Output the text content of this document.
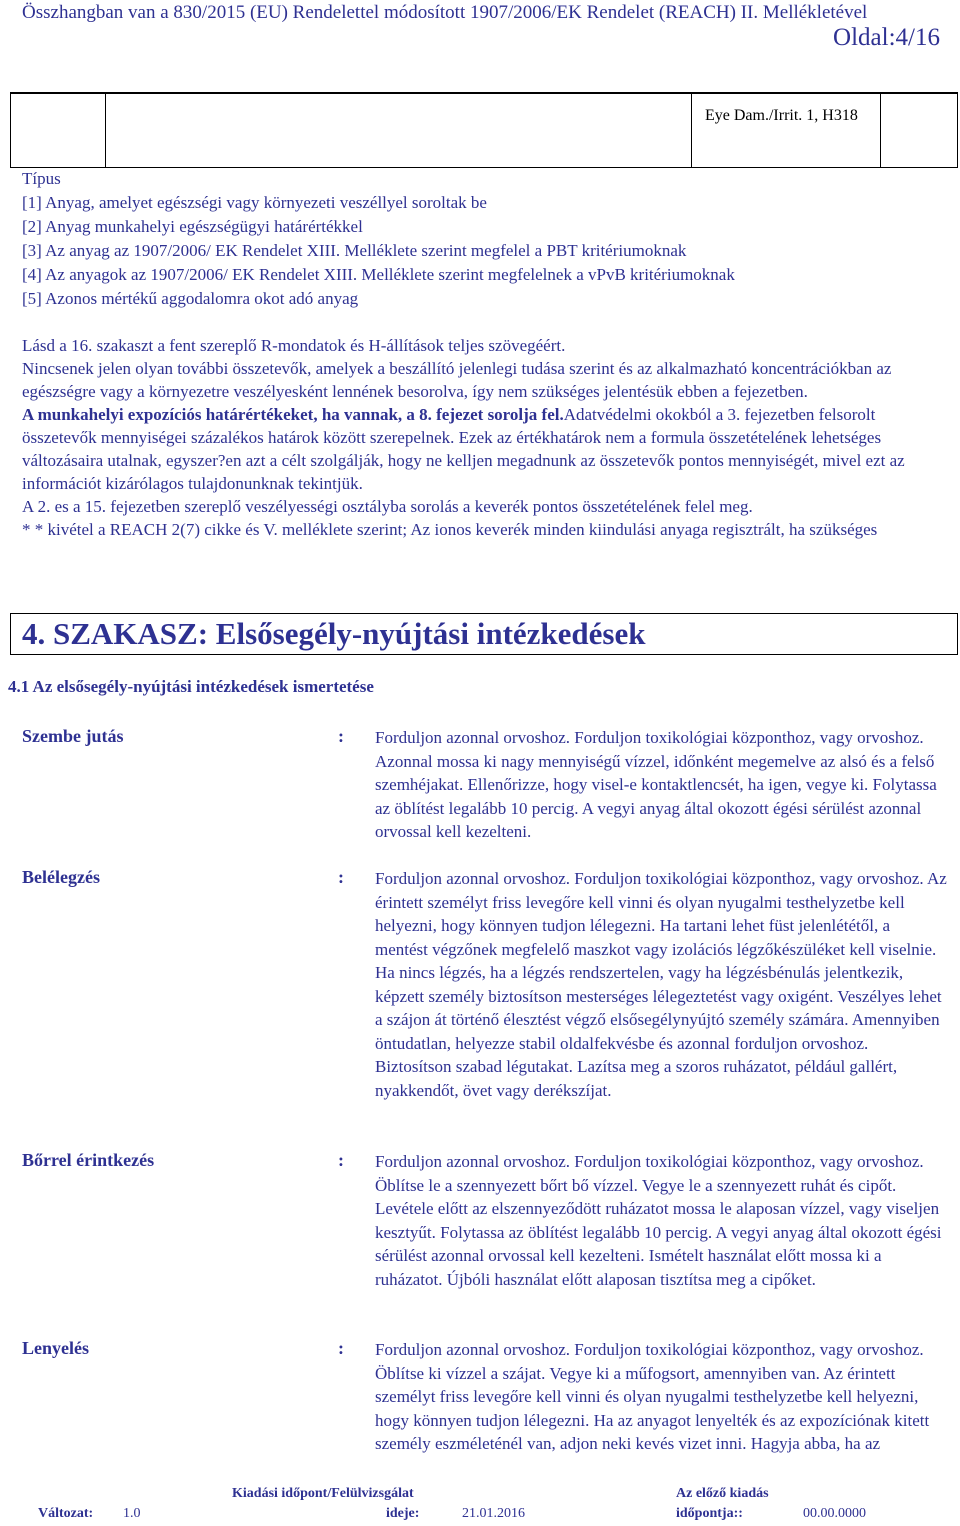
Összhangban van a 830/2015 (EU) Rendelettel módosított 1907/2006/EK Rendelet (REACH) II. Mellékletével
Oldal:4/16
Eye Dam./Irrit. 1, H318
Típus
[1] Anyag, amelyet egészségi vagy környezeti veszéllyel soroltak be
[2] Anyag munkahelyi egészségügyi határértékkel
[3] Az anyag az 1907/2006/ EK Rendelet XIII. Melléklete szerint megfelel a PBT kritériumoknak
[4] Az anyagok az 1907/2006/ EK Rendelet XIII. Melléklete szerint megfelelnek a vPvB kritériumoknak
[5] Azonos mértékű aggodalomra okot adó anyag

Lásd a 16. szakaszt a fent szereplő R-mondatok és H-állítások teljes szövegéért.

Nincsenek jelen olyan további összetevők, amelyek a beszállító jelenlegi tudása szerint és az alkalmazható koncentrációkban az egészségre vagy a környezetre veszélyesként lennének besorolva, így nem szükséges jelentésük ebben a fejezetben.

A munkahelyi expozíciós határértékeket, ha vannak, a 8. fejezet sorolja fel.Adatvédelmi okokból a 3. fejezetben felsorolt összetevők mennyiségei százalékos határok között szerepelnek. Ezek az értékhatárok nem a formula összetételének lehetséges változásaira utalnak, egyszer?en azt a célt szolgálják, hogy ne kelljen megadnunk az összetevők pontos mennyiségét, mivel ezt az információt kizárólagos tulajdonunknak tekintjük.

A 2. es a 15. fejezetben szereplő veszélyességi osztályba sorolás a keverék pontos összetételének felel meg.

* * kivétel a REACH 2(7) cikke és V. melléklete szerint; Az ionos keverék minden kiindulási anyaga regisztrált, ha szükséges

4. SZAKASZ: Elsősegély-nyújtási intézkedések
4.1 Az elsősegély-nyújtási intézkedések ismertetése
Szembe jutás	: Forduljon azonnal orvoshoz. Forduljon toxikológiai központhoz, vagy orvoshoz. Azonnal mossa ki nagy mennyiségű vízzel, időnként megemelve az alsó és a felső szemhéjakat. Ellenőrizze, hogy visel-e kontaktlencsét, ha igen, vegye ki. Folytassa az öblítést legalább 10 percig. A vegyi anyag által okozott égési sérülést azonnal orvossal kell kezelteni.
Belélegzés	: Forduljon azonnal orvoshoz. Forduljon toxikológiai központhoz, vagy orvoshoz. Az érintett személyt friss levegőre kell vinni és olyan nyugalmi testhelyzetbe kell helyezni, hogy könnyen tudjon lélegezni. Ha tartani lehet füst jelenlététől, a mentést végzőnek megfelelő maszkot vagy izolációs légzőkészüléket kell viselnie. Ha nincs légzés, ha a légzés rendszertelen, vagy ha légzésbénulás jelentkezik, képzett személy biztosítson mesterséges lélegeztetést vagy oxigént. Veszélyes lehet a szájon át történő élesztést végző elsősegélynyújtó személy számára. Amennyiben öntudatlan, helyezze stabil oldalfekvésbe és azonnal forduljon orvoshoz. Biztosítson szabad légutakat. Lazítsa meg a szoros ruházatot, például gallért, nyakkendőt, övet vagy derékszíjat.
Bőrrel érintkezés	: Forduljon azonnal orvoshoz. Forduljon toxikológiai központhoz, vagy orvoshoz. Öblítse le a szennyezett bőrt bő vízzel. Vegye le a szennyezett ruhát és cipőt. Levétele előtt az elszennyeződött ruházatot mossa le alaposan vízzel, vagy viseljen kesztyűt. Folytassa az öblítést legalább 10 percig. A vegyi anyag által okozott égési sérülést azonnal orvossal kell kezelteni. Ismételt használat előtt mossa ki a ruházatot. Újbóli használat előtt alaposan tisztítsa meg a cipőket.
Lenyelés	: Forduljon azonnal orvoshoz. Forduljon toxikológiai központhoz, vagy orvoshoz. Öblítse ki vízzel a szájat. Vegye ki a műfogsort, amennyiben van. Az érintett személyt friss levegőre kell vinni és olyan nyugalmi testhelyzetbe kell helyezni, hogy könnyen tudjon lélegezni. Ha az anyagot lenyelték és az expozíciónak kitett személy eszméleténél van, adjon neki kevés vizet inni. Hagyja abba, ha az
Változat: 1.0
Kiadási időpont/Felülvizsgálat
ideje:	21.01.2016
Az előző kiadás
időpontja::	00.00.0000
